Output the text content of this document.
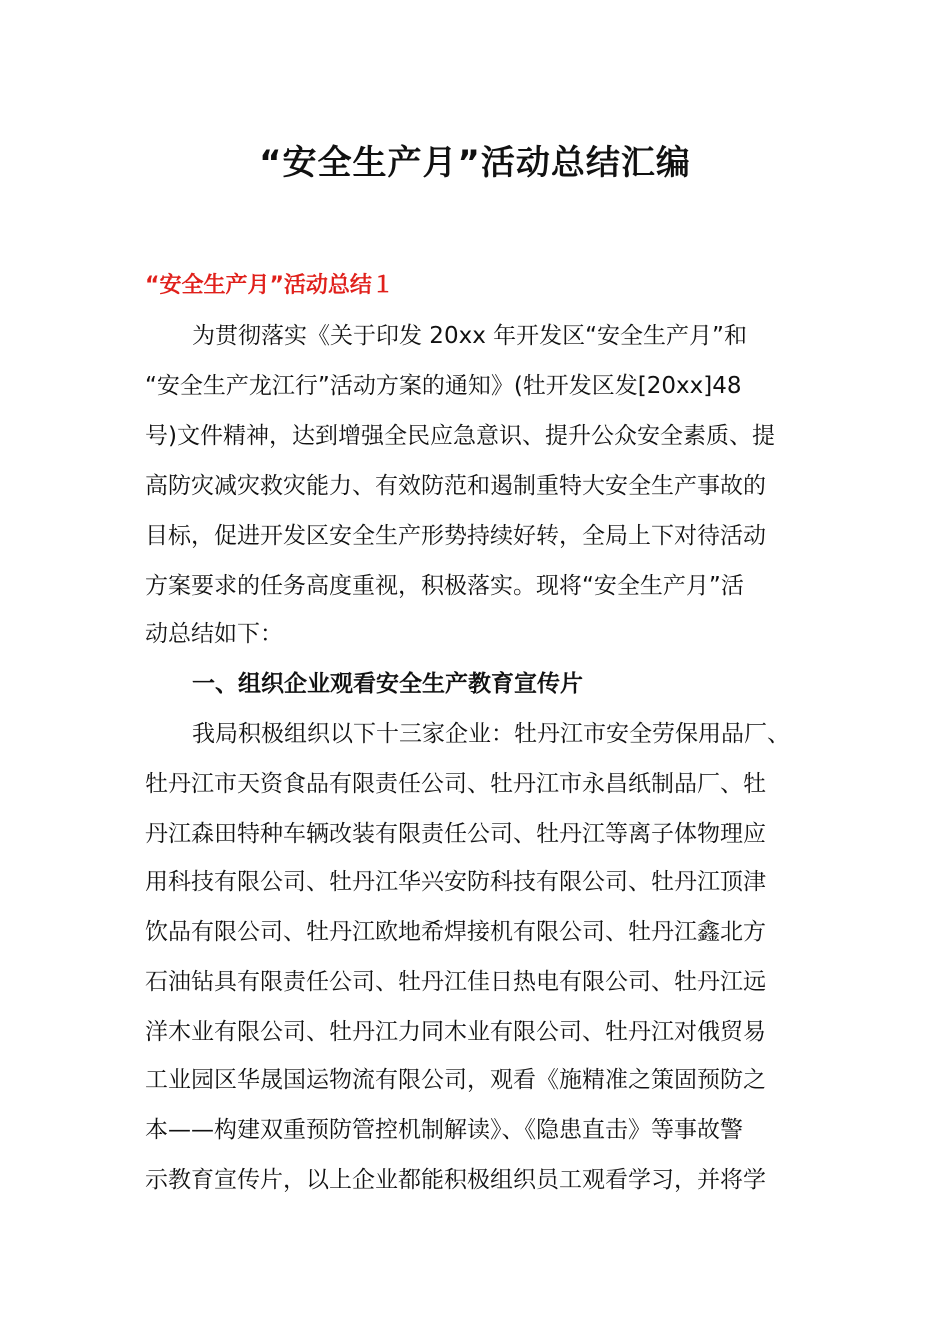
“安全生产月”活动总结汇编
“安全生产月”活动总结１
为贯彻落实《关于印发 20xx 年开发区“安全生产月”和
“安全生产龙江行”活动方案的通知》(牡开发区发[20xx]48
号)文件精神，达到增强全民应急意识、提升公众安全素质、提
高防灾减灾救灾能力、有效防范和遏制重特大安全生产事故的
目标，促进开发区安全生产形势持续好转，全局上下对待活动
方案要求的任务高度重视，积极落实。现将“安全生产月”活
动总结如下：
一、组织企业观看安全生产教育宣传片
我局积极组织以下十三家企业：牡丹江市安全劳保用品厂、
牡丹江市天资食品有限责任公司、牡丹江市永昌纸制品厂、牡
丹江森田特种车辆改装有限责任公司、牡丹江等离子体物理应
用科技有限公司、牡丹江华兴安防科技有限公司、牡丹江顶津
饮品有限公司、牡丹江欧地希焊接机有限公司、牡丹江鑫北方
石油钻具有限责任公司、牡丹江佳日热电有限公司、牡丹江远
洋木业有限公司、牡丹江力同木业有限公司、牡丹江对俄贸易
工业园区华晟国运物流有限公司，观看《施精准之策固预防之
本——构建双重预防管控机制解读》、《隐患直击》等事故警
示教育宣传片，以上企业都能积极组织员工观看学习，并将学
